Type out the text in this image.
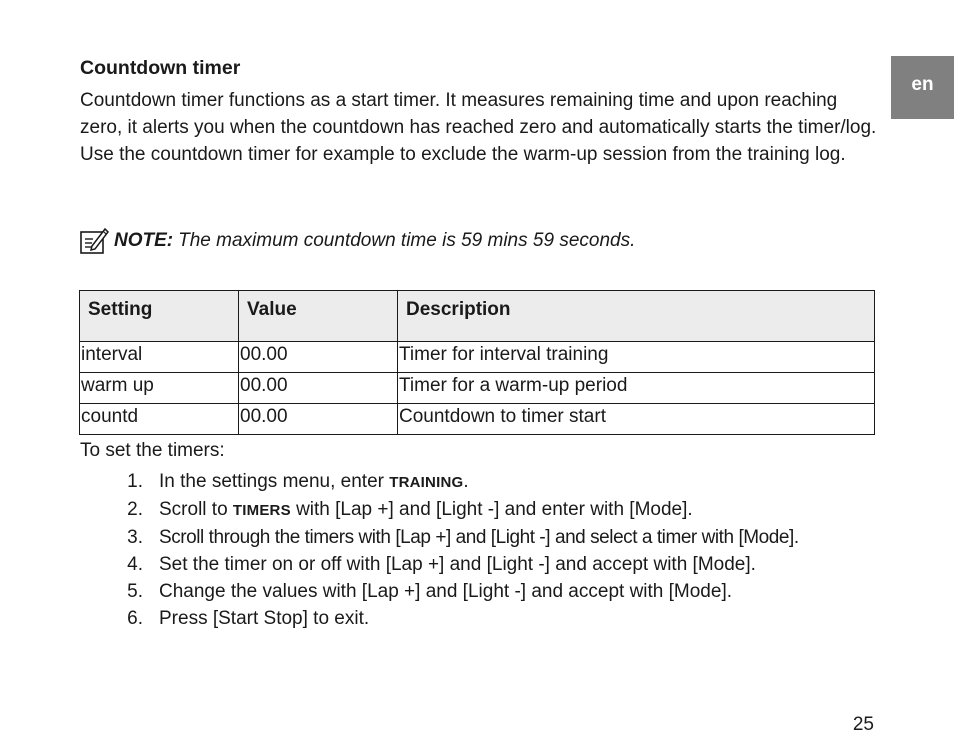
en
Countdown timer

Countdown timer functions as a start timer. It measures remaining time and upon reaching zero, it alerts you when the countdown has reached zero and automatically starts the timer/log. Use the countdown timer for example to exclude the warm-up session from the training log.

NOTE: The maximum countdown time is 59 mins 59 seconds.
Setting	Value	Description
interval	00.00	Timer for interval training
warm up	00.00	Timer for a warm-up period
countd	00.00	Countdown to timer start

To set the timers:

1. In the settings menu, enter TRAINING.
2. Scroll to TIMERS with [Lap +] and [Light -] and enter with [Mode].
3. Scroll through the timers with [Lap +] and [Light -] and select a timer with [Mode].
4. Set the timer on or off with [Lap +] and [Light -] and accept with [Mode].
5. Change the values with [Lap +] and [Light -] and accept with [Mode].
6. Press [Start Stop] to exit.
25
